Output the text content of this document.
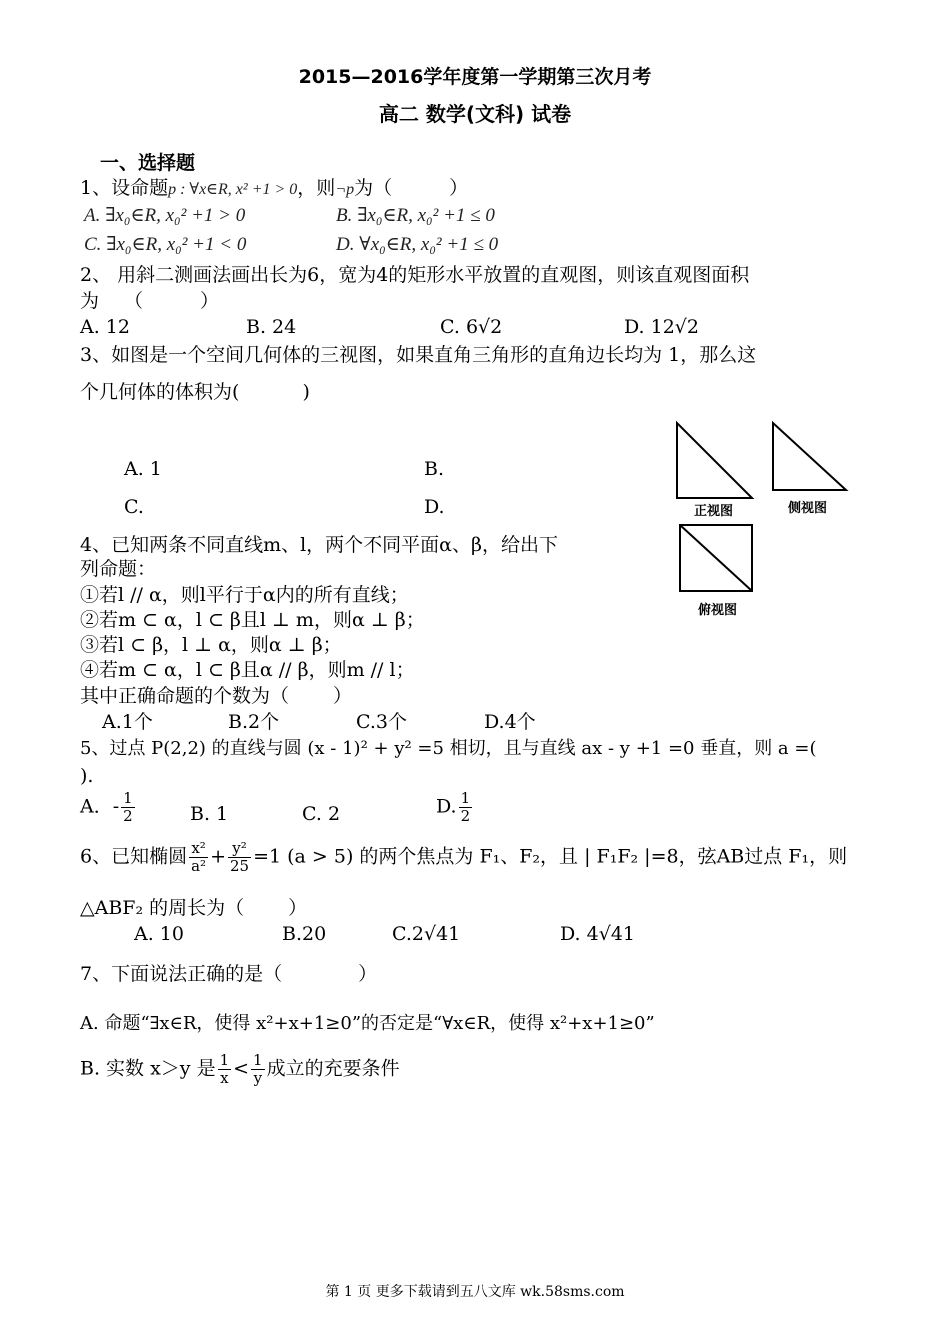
2015—2016学年度第一学期第三次月考
高二 数学(文科) 试卷
一、选择题
1、设命题p : ∀x∈R, x² +1 > 0，则¬p为（　　　）
A. ∃x₀∈R, x₀² +1 > 0	B. ∃x₀∈R, x₀² +1 ≤ 0
C. ∃x₀∈R, x₀² +1 < 0	D. ∀x₀∈R, x₀² +1 ≤ 0
2、 用斜二测画法画出长为6，宽为4的矩形水平放置的直观图，则该直观图面积
为　 （　　　）
A. 12	B. 24	C. 6√2	D. 12√2
3、如图是一个空间几何体的三视图，如果直角三角形的直角边长均为 1，那么这
个几何体的体积为(　　　 )
A. 1	B.
C.	D.	正视图	侧视图
俯视图
4、已知两条不同直线m、l，两个不同平面α、β，给出下
列命题：
①若l // α，则l平行于α内的所有直线；
②若m ⊂ α，l ⊂ β且l ⊥ m，则α ⊥ β；
③若l ⊂ β，l ⊥ α，则α ⊥ β；
④若m ⊂ α，l ⊂ β且α // β，则m // l；
其中正确命题的个数为（　　 ）
A.1个	B.2个	C.3个	D.4个
5、过点 P(2,2) 的直线与圆 (x - 1)² + y² =5 相切，且与直线 ax - y +1 =0 垂直，则 a =(
).
A．- $\frac{1}{2}$	B. 1	C. 2	D. $\frac{1}{2}$
6、已知椭圆 $\frac{\text{x²}}{\text{a²}} + \frac{\text{y²}}{25} =1$ (a > 5) 的两个焦点为 F₁、F₂，且 | F₁F₂ |=8，弦AB过点 F₁，则
△ABF₂ 的周长为（　　 ）
A. 10	B.20	C.2√41	D. 4√41
7、下面说法正确的是（　　　　）
A. 命题“∃x∈R，使得 x²+x+1≥0”的否定是“∀x∈R，使得 x²+x+1≥0”
B. 实数 x＞y 是 $\frac{1}{x} < \frac{1}{y}$ 成立的充要条件
第 1 页 更多下载请到五八文库 wk.58sms.com
